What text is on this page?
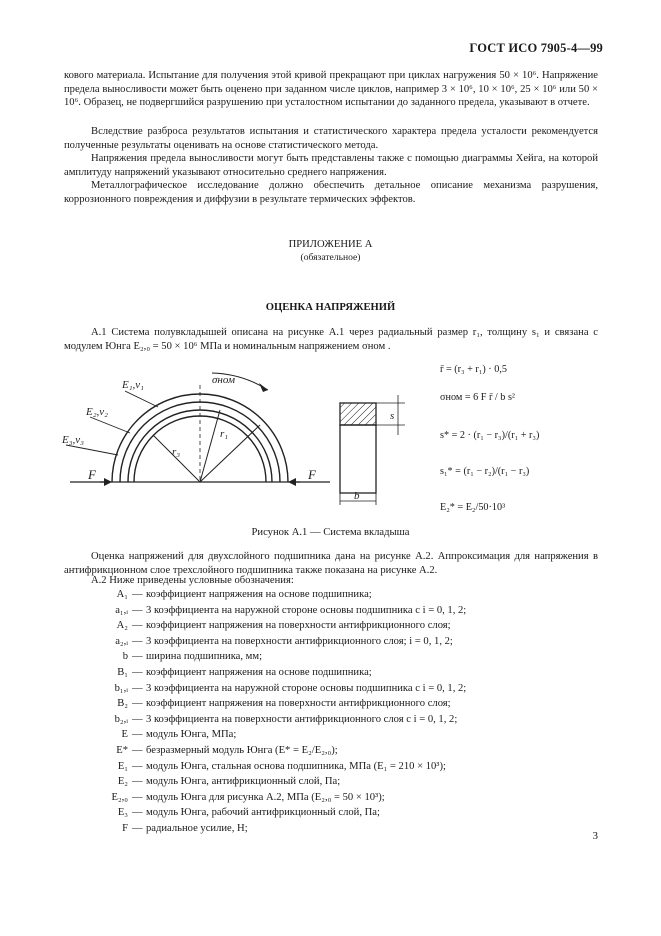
ГОСТ ИСО 7905-4—99
кового материала. Испытание для получения этой кривой прекращают при циклах нагружения 50 × 10⁶. Напряжение предела выносливости может быть оценено при заданном числе циклов, например 3 × 10⁶, 10 × 10⁶, 25 × 10⁶ или 50 × 10⁶. Образец, не подвергшийся разрушению при усталостном испытании до заданного предела, указывают в отчете.
Вследствие разброса результатов испытания и статистического характера предела усталости рекомендуется полученные результаты оценивать на основе статистического метода.
Напряжения предела выносливости могут быть представлены также с помощью диаграммы Хейга, на которой амплитуду напряжений указывают относительно среднего напряжения.
Металлографическое исследование должно обеспечить детальное описание механизма разрушения, коррозионного повреждения и диффузии в результате термических эффектов.
ПРИЛОЖЕНИЕ А
(обязательное)
ОЦЕНКА НАПРЯЖЕНИЙ
А.1 Система полувкладышей описана на рисунке А.1 через радиальный размер r₁, толщину s₁ и связана с модулем Юнга E₂,₀ = 50 × 10⁶ МПа и номинальным напряжением σном .
E₁,ν₁
E₂,ν₂
E₃,ν₃
σном
r₁
r₃
F	F
s
b
r̄ = (r₃ + r₁) · 0,5
σном = 6 F r̄ / b s²
s* = 2 · (r₁ − r₃)/(r₁ + r₃)
s₁* = (r₁ − r₂)/(r₁ − r₃)
E₂* = E₂/50·10³
Рисунок А.1 — Система вкладыша
Оценка напряжений для двухслойного подшипника дана на рисунке А.2. Аппроксимация для напряжения в антифрикционном слое трехслойного подшипника также показана на рисунке А.2.
А.2 Ниже приведены условные обозначения:
A₁ — коэффициент напряжения на основе подшипника;
a₁,ᵢ — 3 коэффициента на наружной стороне основы подшипника с i = 0, 1, 2;
A₂ — коэффициент напряжения на поверхности антифрикционного слоя;
a₂,ᵢ — 3 коэффициента на поверхности антифрикционного слоя; i = 0, 1, 2;
b — ширина подшипника, мм;
B₁ — коэффициент напряжения на основе подшипника;
b₁,ᵢ — 3 коэффициента на наружной стороне основы подшипника с i = 0, 1, 2;
B₂ — коэффициент напряжения на поверхности антифрикционного слоя;
b₂,ᵢ — 3 коэффициента на поверхности антифрикционного слоя с i = 0, 1, 2;
E — модуль Юнга, МПа;
E* — безразмерный модуль Юнга (E* = E₂/E₂,₀);
E₁ — модуль Юнга, стальная основа подшипника, МПа (E₁ = 210 × 10³);
E₂ — модуль Юнга, антифрикционный слой, Па;
E₂,₀ — модуль Юнга для рисунка А.2, МПа (E₂,₀ = 50 × 10³);
E₃ — модуль Юнга, рабочий антифрикционный слой, Па;
F — радиальное усилие, Н;
3
